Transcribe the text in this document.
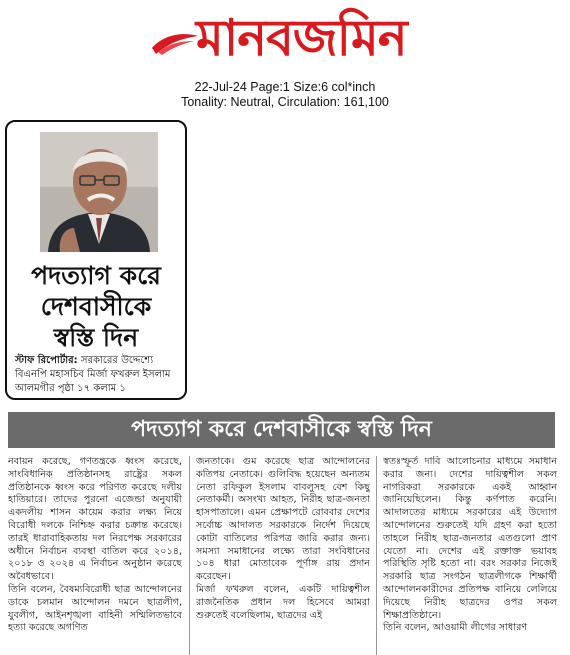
মানবজমিন
22-Jul-24 Page:1 Size:6 col*inch
Tonality: Neutral, Circulation: 161,100
পদত্যাগ করে
দেশবাসীকে
স্বস্তি দিন
স্টাফ রিপোর্টার: সরকারের উদ্দেশ্যে বিএনপি মহাসচিব মির্জা ফখরুল ইসলাম আলমগীর পৃষ্ঠা ১৭ কলাম ১
পদত্যাগ করে দেশবাসীকে স্বস্তি দিন

নবায়ন করেছে, গণতন্ত্রকে ধ্বংস করেছে, সাংবিধানিক প্রতিষ্ঠানসহ রাষ্ট্রের সকল প্রতিষ্ঠানকে ধ্বংস করে পরিণত করেছে দলীয় হাতিয়ারে। তাদের পুরনো এজেন্ডা অনুযায়ী একদলীয় শাসন কায়েম করার লক্ষ্য নিয়ে বিরোধী দলকে নিশ্চিহ্ন করার চক্রান্ত করেছে। তারই ধারাবাহিকতায় দল নিরপেক্ষ সরকারের অধীনে নির্বাচন ব্যবস্থা বাতিল করে ২০১৪, ২০১৮ ও ২০২৪ এ নির্বাচন অনুষ্ঠান করেছে অবৈধভাবে।

তিনি বলেন, বৈষম্যবিরোধী ছাত্র আন্দোলনের ডাকে চলমান আন্দোলন দমনে ছাত্রলীগ, যুবলীগ, আইনশৃঙ্খলা বাহিনী সম্মিলিতভাবে হত্যা করেছে অগণিত

জনতাকে। গুম করেছে ছাত্র আন্দোলনের কতিপয় নেতাকে। গুলিবিদ্ধ হয়েছেন অন্যতম নেতা রফিকুল ইসলাম বাবলুসহ বেশ কিছু নেতাকর্মী। অসংখ্য আহত, নিরীহ ছাত্র-জনতা হাসপাতালে। এমন প্রেক্ষাপটে রোববার দেশের সর্বোচ্চ আদালত সরকারকে নির্দেশ দিয়েছে কোটা বাতিলের পরিপত্র জারি করার জন্য। সমস্যা সমাধানের লক্ষ্যে তারা সংবিধানের ১০৪ ধারা মোতাবেক পূর্ণাঙ্গ রায় প্রদান করেছেন।

মির্জা ফখরুল বলেন, একটি দায়িত্বশীল রাজনৈতিক প্রধান দল হিসেবে আমরা শুরুতেই বলেছিলাম, ছাত্রদের এই

স্বতঃস্ফূর্ত দাবি আলোচনার মাধ্যমে সমাধান করার জন্য। দেশের দায়িত্বশীল সকল নাগরিকরা সরকারকে একই আহ্বান জানিয়েছিলেন। কিন্তু কর্ণপাত করেনি। আদালতের মাধ্যমে সরকারের এই উদ্যোগ আন্দোলনের শুরুতেই যদি গ্রহণ করা হতো তাহলে নিরীহ ছাত্র-জনতার এতগুলো প্রাণ যেতো না। দেশের এই রক্তাক্ত ভয়াবহ পরিস্থিতি সৃষ্টি হতো না। বরং সরকার নিজেই সরকারি ছাত্র সংগঠন ছাত্রলীগকে শিক্ষার্থী আন্দোলনকারীদের প্রতিপক্ষ বানিয়ে লেলিয়ে দিয়েছে নিরীহ ছাত্রদের ওপর সকল শিক্ষাপ্রতিষ্ঠানে।

তিনি বলেন, আওয়ামী লীগের সাধারণ
